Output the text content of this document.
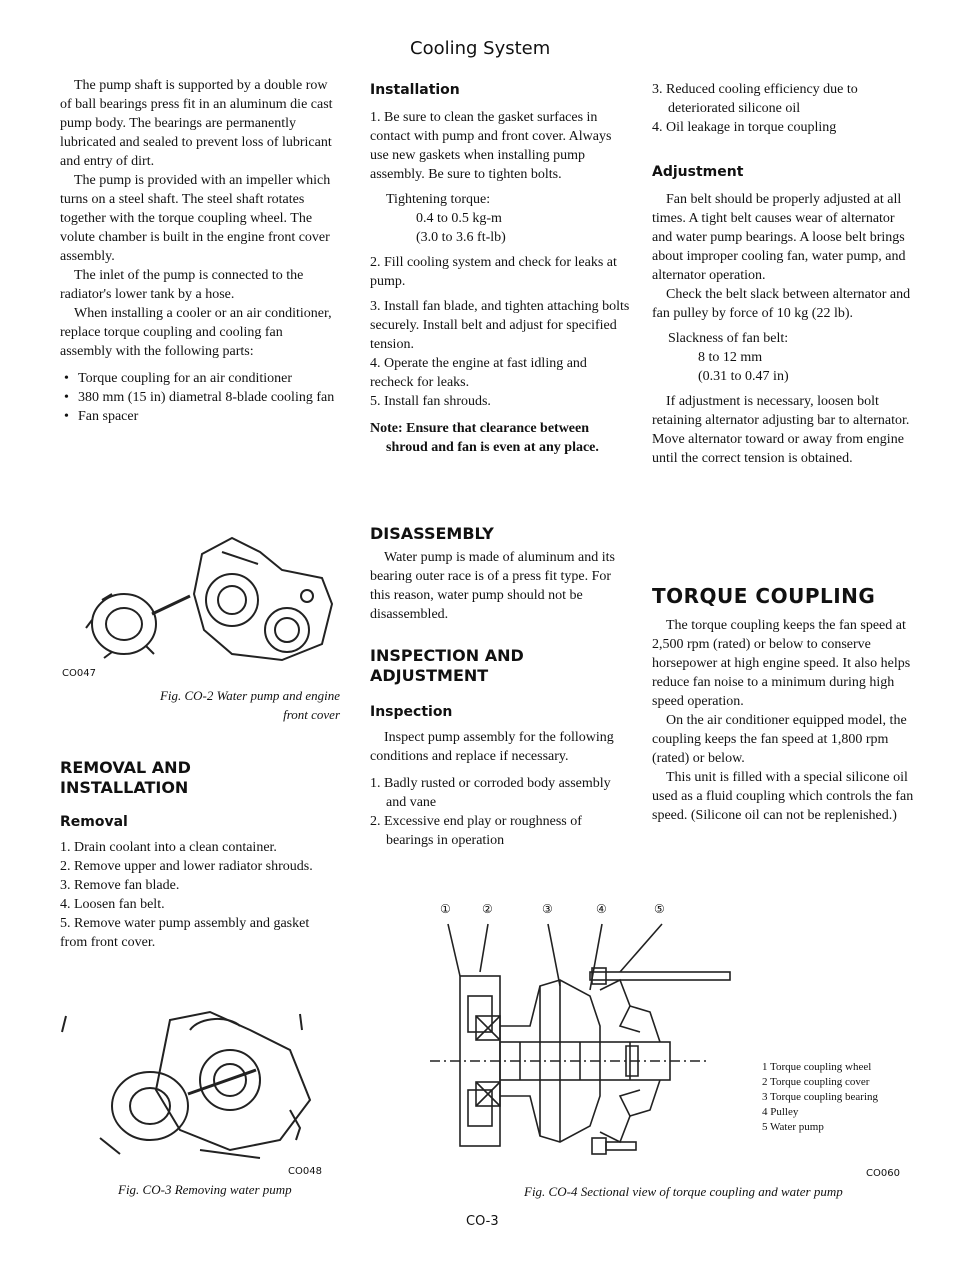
Cooling System

The pump shaft is supported by a double row of ball bearings press fit in an aluminum die cast pump body. The bearings are permanently lubricated and sealed to prevent loss of lubricant and entry of dirt.

The pump is provided with an impeller which turns on a steel shaft. The steel shaft rotates together with the torque coupling wheel. The volute chamber is built in the engine front cover assembly.

The inlet of the pump is connected to the radiator's lower tank by a hose.

When installing a cooler or an air conditioner, replace torque coupling and cooling fan assembly with the following parts:

• Torque coupling for an air conditioner
• 380 mm (15 in) diametral 8-blade cooling fan
• Fan spacer
CO047
Fig. CO-2 Water pump and engine
front cover
REMOVAL AND
INSTALLATION
Removal

1. Drain coolant into a clean container.

2. Remove upper and lower radiator shrouds.

3. Remove fan blade.

4. Loosen fan belt.

5. Remove water pump assembly and gasket from front cover.

CO048
Fig. CO-3 Removing water pump
Installation

1. Be sure to clean the gasket surfaces in contact with pump and front cover. Always use new gaskets when installing pump assembly. Be sure to tighten bolts.

Tightening torque:
0.4 to 0.5 kg-m
(3.0 to 3.6 ft-lb)

2. Fill cooling system and check for leaks at pump.

3. Install fan blade, and tighten attaching bolts securely. Install belt and adjust for specified tension.

4. Operate the engine at fast idling and recheck for leaks.

5. Install fan shrouds.

Note: Ensure that clearance between shroud and fan is even at any place.

DISASSEMBLY

Water pump is made of aluminum and its bearing outer race is of a press fit type. For this reason, water pump should not be disassembled.

INSPECTION AND
ADJUSTMENT
Inspection

Inspect pump assembly for the following conditions and replace if necessary.

1. Badly rusted or corroded body assembly and vane

2. Excessive end play or roughness of bearings in operation

3. Reduced cooling efficiency due to deteriorated silicone oil

4. Oil leakage in torque coupling

Adjustment

Fan belt should be properly adjusted at all times. A tight belt causes wear of alternator and water pump bearings. A loose belt brings about improper cooling fan, water pump, and alternator operation.

Check the belt slack between alternator and fan pulley by force of 10 kg (22 lb).

Slackness of fan belt:
8 to 12 mm
(0.31 to 0.47 in)

If adjustment is necessary, loosen bolt retaining alternator adjusting bar to alternator. Move alternator toward or away from engine until the correct tension is obtained.

TORQUE COUPLING

The torque coupling keeps the fan speed at 2,500 rpm (rated) or below to conserve horsepower at high engine speed. It also helps reduce fan noise to a minimum during high speed operation.

On the air conditioner equipped model, the coupling keeps the fan speed at 1,800 rpm (rated) or below.

This unit is filled with a special silicone oil used as a fluid coupling which controls the fan speed. (Silicone oil can not be replenished.)

①	②	③	④	⑤
1 Torque coupling wheel
2 Torque coupling cover
3 Torque coupling bearing
4 Pulley
5 Water pump
CO060
Fig. CO-4 Sectional view of torque coupling and water pump
CO-3
